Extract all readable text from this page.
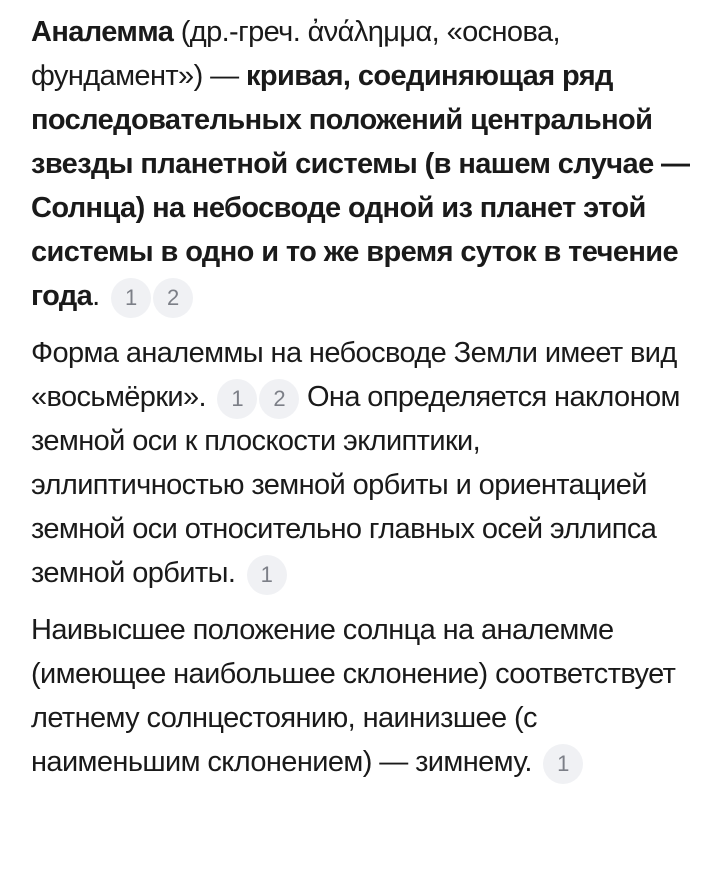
Аналемма (др.-греч. ἀνάλημμα, «основа, фундамент») — кривая, соединяющая ряд последовательных положений центральной звезды планетной системы (в нашем случае — Солнца) на небосводе одной из планет этой системы в одно и то же время суток в течение года. 1 2

Форма аналеммы на небосводе Земли имеет вид «восьмёрки». 1 2 Она определяется наклоном земной оси к плоскости эклиптики, эллиптичностью земной орбиты и ориентацией земной оси относительно главных осей эллипса земной орбиты. 1

Наивысшее положение солнца на аналемме (имеющее наибольшее склонение) соответствует летнему солнцестоянию, наинизшее (с наименьшим склонением) — зимнему. 1
